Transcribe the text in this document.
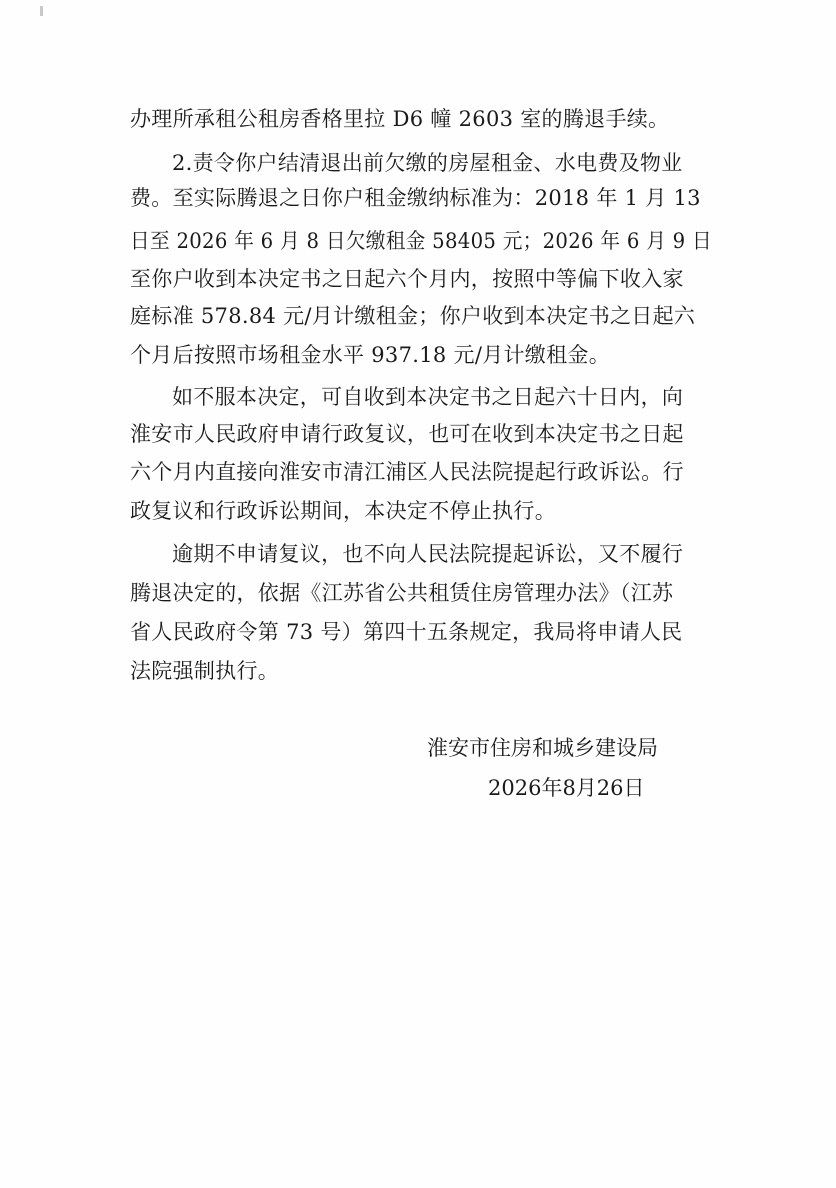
办理所承租公租房香格里拉 D6 幢 2603 室的腾退手续。
2.责令你户结清退出前欠缴的房屋租金、水电费及物业
费。至实际腾退之日你户租金缴纳标准为：2018 年 1 月 13
日至 2026 年 6 月 8 日欠缴租金 58405 元；2026 年 6 月 9 日
至你户收到本决定书之日起六个月内，按照中等偏下收入家
庭标准 578.84 元/月计缴租金；你户收到本决定书之日起六
个月后按照市场租金水平 937.18 元/月计缴租金。
如不服本决定，可自收到本决定书之日起六十日内，向
淮安市人民政府申请行政复议，也可在收到本决定书之日起
六个月内直接向淮安市清江浦区人民法院提起行政诉讼。行
政复议和行政诉讼期间，本决定不停止执行。
逾期不申请复议，也不向人民法院提起诉讼，又不履行
腾退决定的，依据《江苏省公共租赁住房管理办法》（江苏
省人民政府令第 73 号）第四十五条规定，我局将申请人民
法院强制执行。
淮安市住房和城乡建设局
2026年8月26日
